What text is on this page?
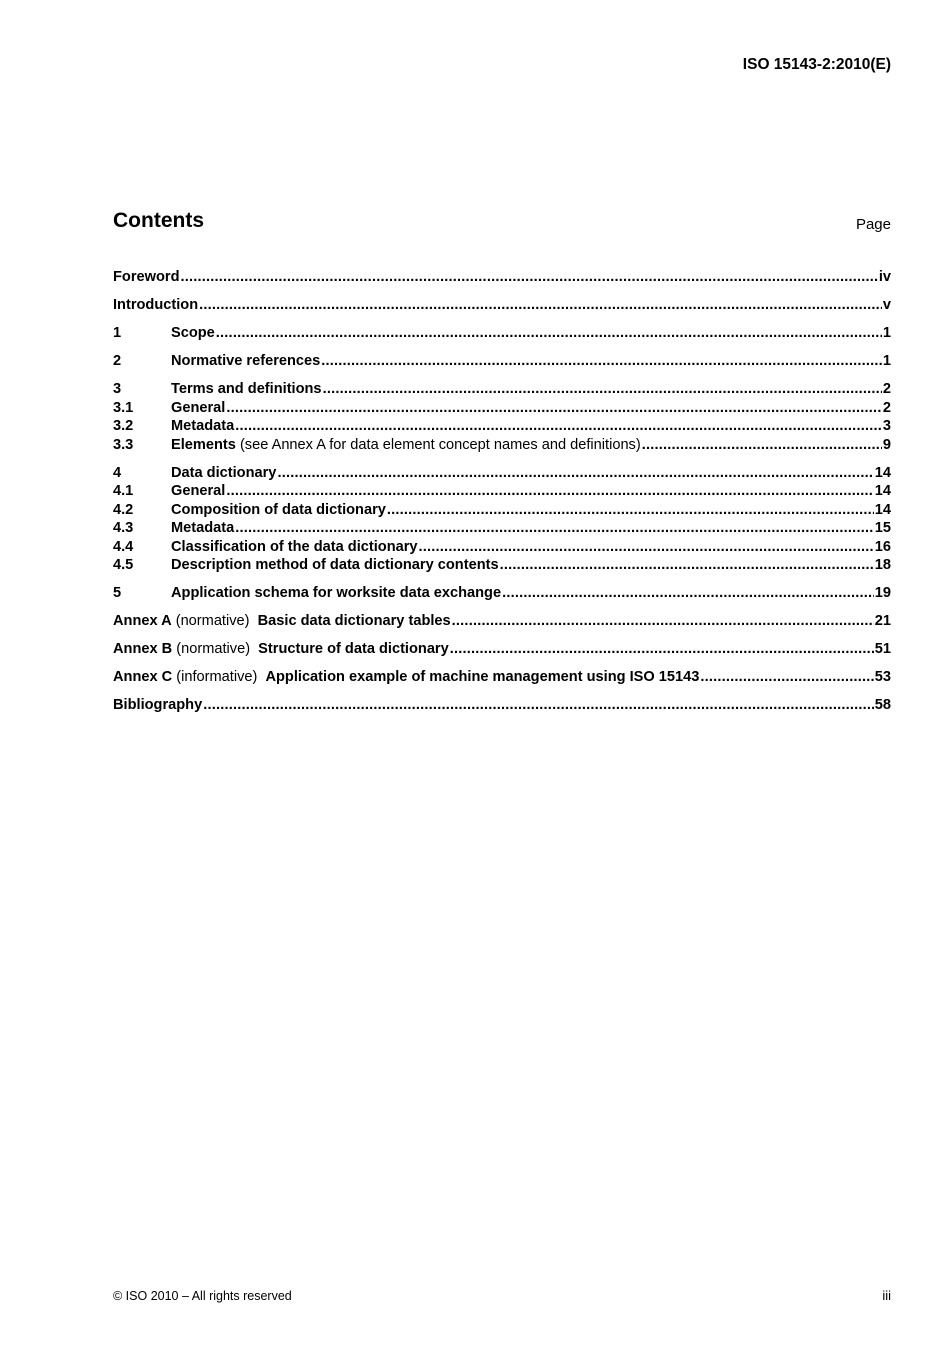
ISO 15143-2:2010(E)
Contents	Page
Foreword .....	iv
Introduction .....	v
1	Scope .....	1
2	Normative references .....	1
3	Terms and definitions .....	2
3.1	General .....	2
3.2	Metadata .....	3
3.3	Elements (see Annex A for data element concept names and definitions) .....	9
4	Data dictionary .....	14
4.1	General .....	14
4.2	Composition of data dictionary .....	14
4.3	Metadata .....	15
4.4	Classification of the data dictionary .....	16
4.5	Description method of data dictionary contents .....	18
5	Application schema for worksite data exchange .....	19
Annex A (normative)  Basic data dictionary tables .....	21
Annex B (normative)  Structure of data dictionary .....	51
Annex C (informative)  Application example of machine management using ISO 15143 .....	53
Bibliography .....	58
© ISO 2010 – All rights reserved	iii
